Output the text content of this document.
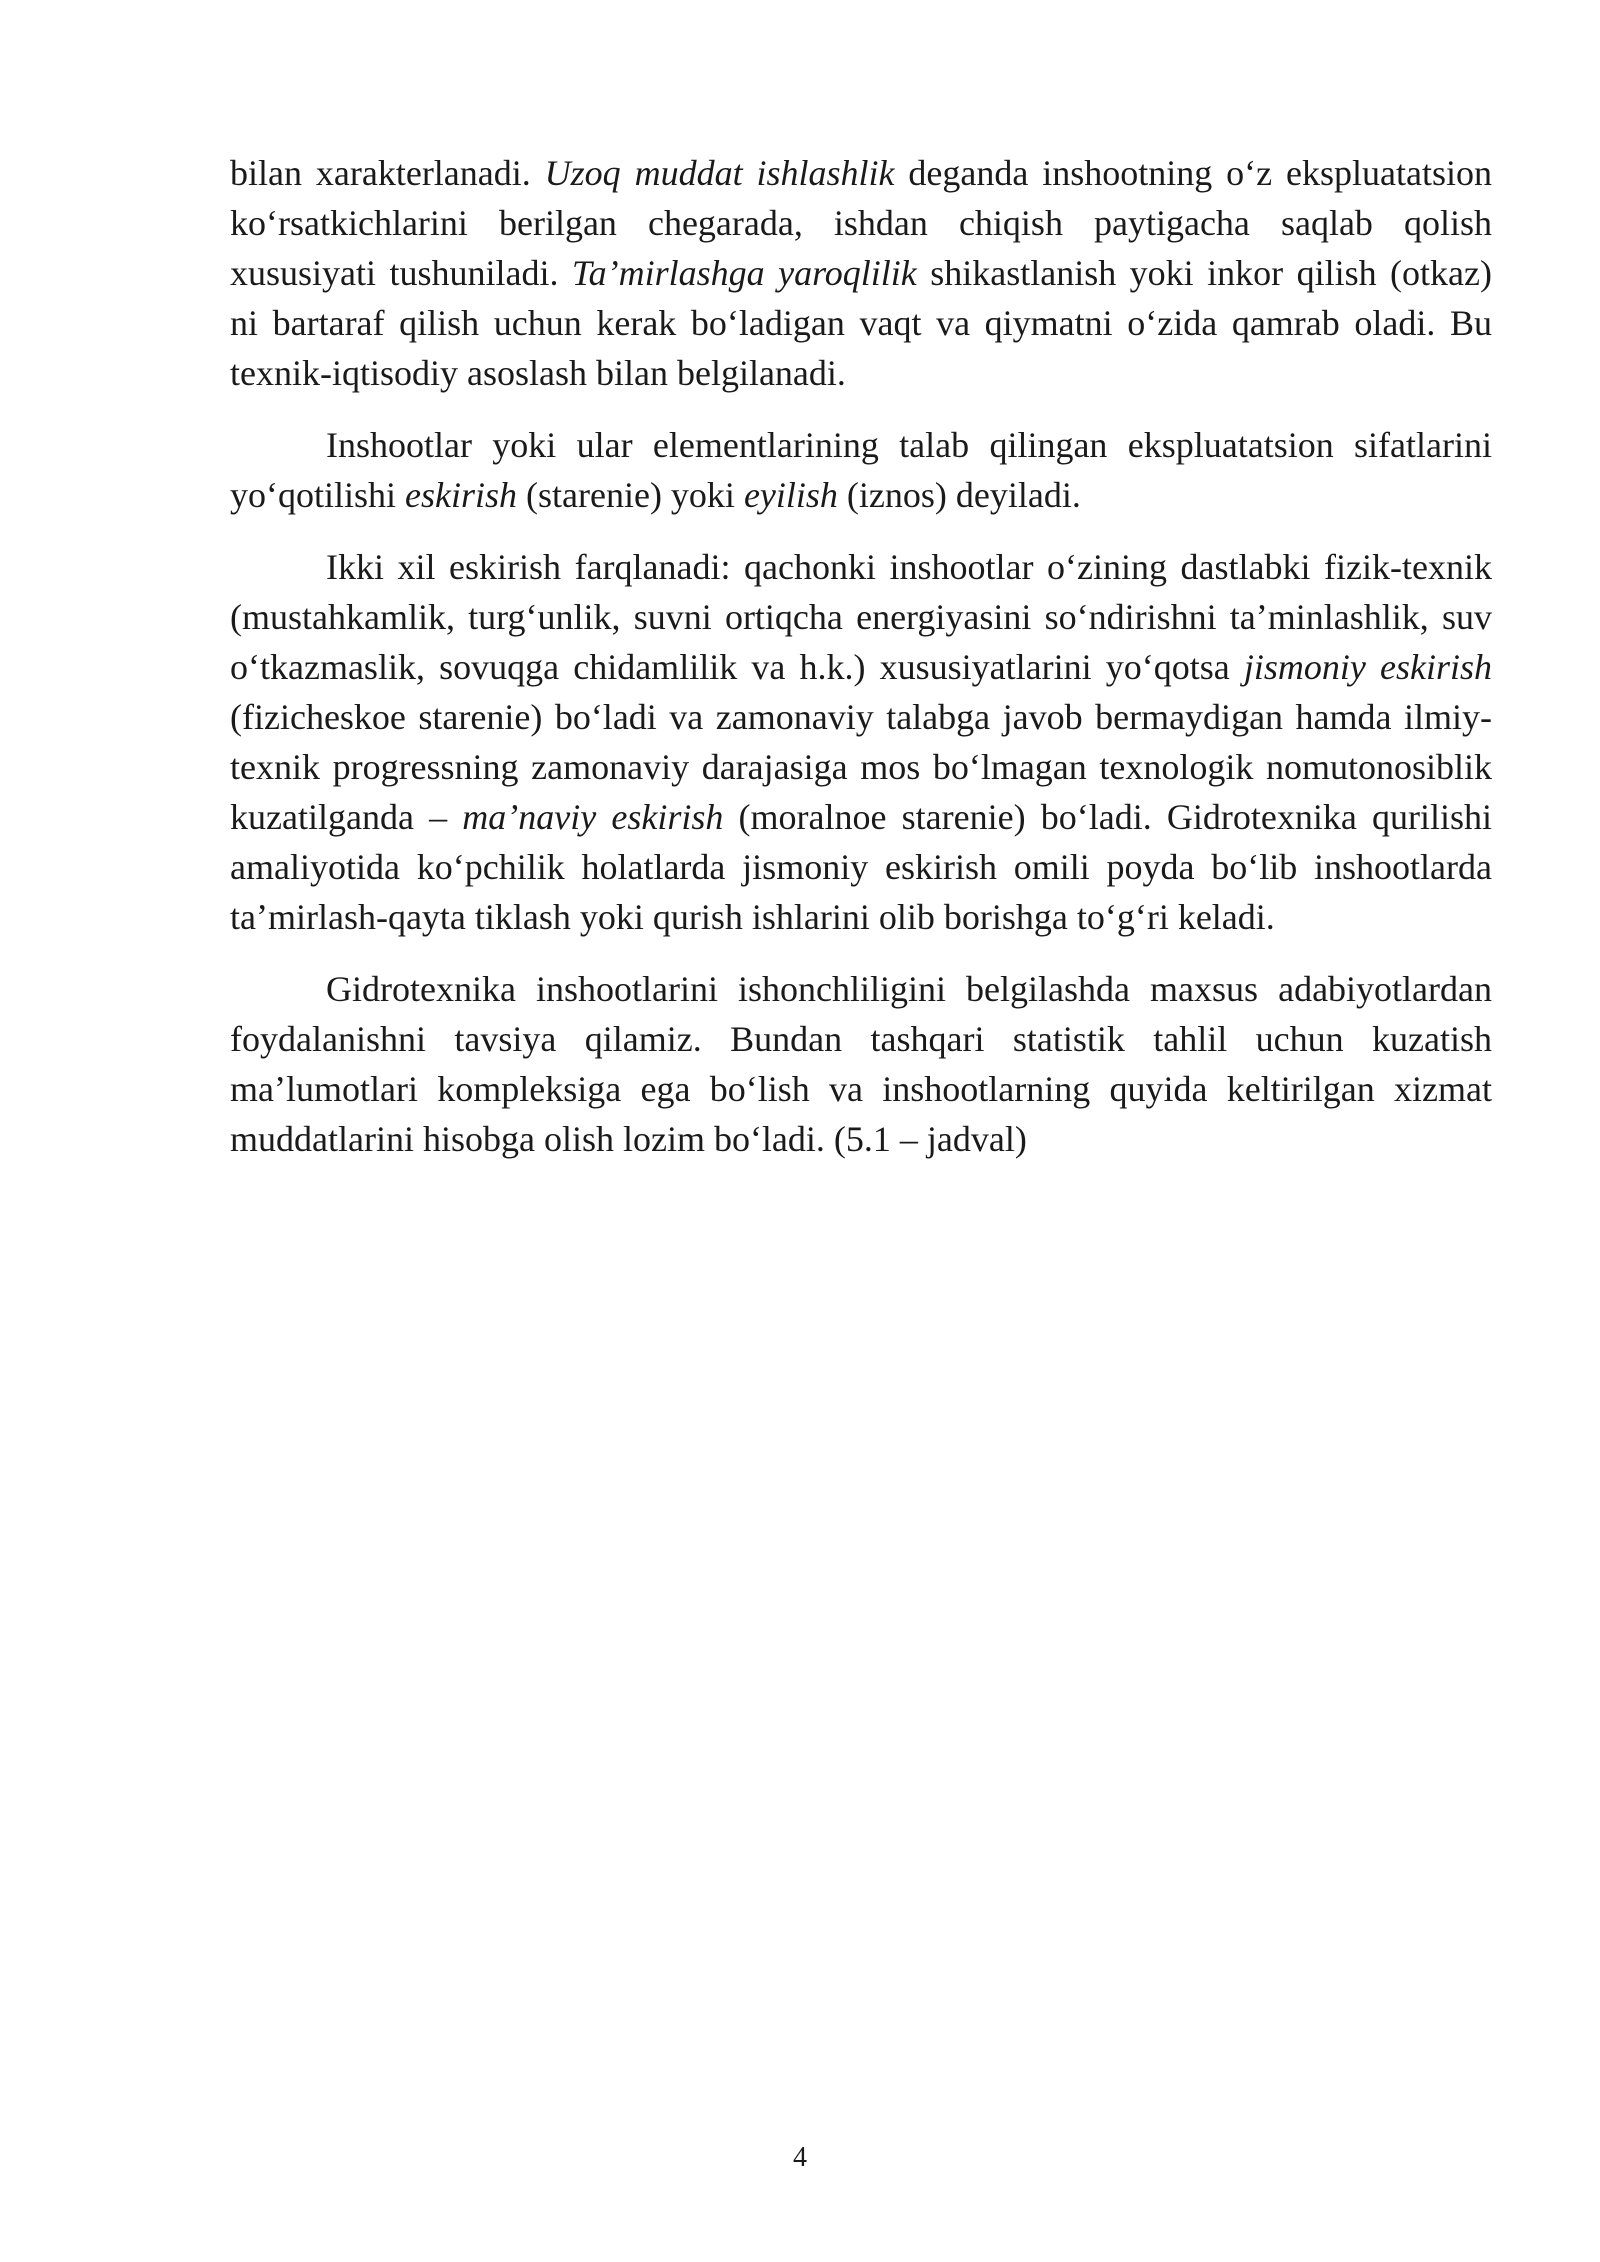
bilan xarakterlanadi. Uzoq muddat ishlashlik deganda inshootning oʻz ekspluatatsion koʻrsatkichlarini berilgan chegarada, ishdan chiqish paytigacha saqlab qolish xususiyati tushuniladi. Taʼmirlashga yaroqlilik shikastlanish yoki inkor qilish (otkaz) ni bartaraf qilish uchun kerak boʻladigan vaqt va qiymatni oʻzida qamrab oladi. Bu texnik-iqtisodiy asoslash bilan belgilanadi.

Inshootlar yoki ular elementlarining talab qilingan ekspluatatsion sifatlarini yoʻqotilishi eskirish (starenie) yoki eyilish (iznos) deyiladi.

Ikki xil eskirish farqlanadi: qachonki inshootlar oʻzining dastlabki fizik-texnik (mustahkamlik, turgʻunlik, suvni ortiqcha energiyasini soʻndirishni taʼminlashlik, suv oʻtkazmaslik, sovuqga chidamlilik va h.k.) xususiyatlarini yoʻqotsa jismoniy eskirish (fizicheskoe starenie) boʻladi va zamonaviy talabga javob bermaydigan hamda ilmiy-texnik progressning zamonaviy darajasiga mos boʻlmagan texnologik nomutonosiblik kuzatilganda – maʼnaviy eskirish (moralnoe starenie) boʻladi. Gidrotexnika qurilishi amaliyotida koʻpchilik holatlarda jismoniy eskirish omili poyda boʻlib inshootlarda taʼmirlash-qayta tiklash yoki qurish ishlarini olib borishga toʻgʻri keladi.

Gidrotexnika inshootlarini ishonchliligini belgilashda maxsus adabiyotlardan foydalanishni tavsiya qilamiz. Bundan tashqari statistik tahlil uchun kuzatish maʼlumotlari kompleksiga ega boʻlish va inshootlarning quyida keltirilgan xizmat muddatlarini hisobga olish lozim boʻladi. (5.1 – jadval)

4
